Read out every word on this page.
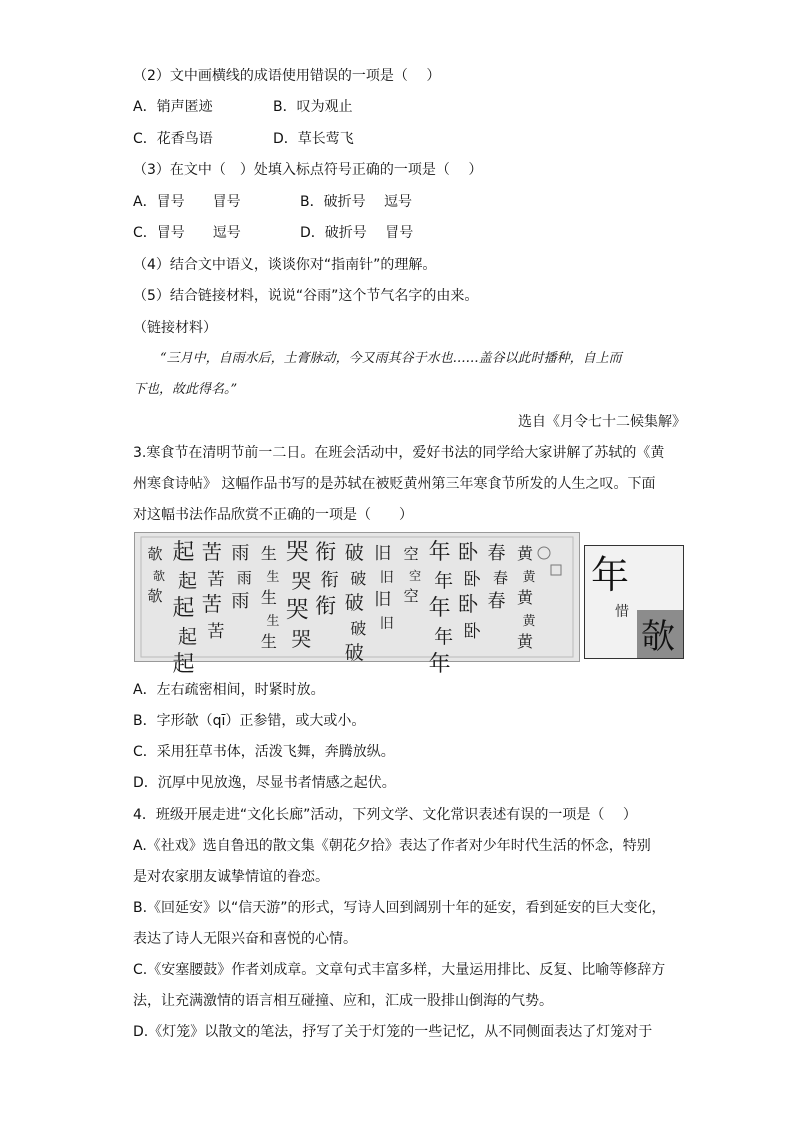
（2）文中画横线的成语使用错误的一项是（　 ）
A．销声匿迹	B．叹为观止
C．花香鸟语	D．草长莺飞
（3）在文中（　）处填入标点符号正确的一项是（　 ）
A．冒号　　冒号	B．破折号　 逗号
C．冒号　　逗号	D．破折号　 冒号
（4）结合文中语义，谈谈你对“指南针”的理解。
（5）结合链接材料，说说“谷雨”这个节气名字的由来。
（链接材料）
“三月中，自雨水后，土膏脉动，今又雨其谷于水也……盖谷以此时播种，自上而
下也，故此得名。”
选自《月令七十二候集解》
3.寒食节在清明节前一二日。在班会活动中，爱好书法的同学给大家讲解了苏轼的《黄
州寒食诗帖》 这幅作品书写的是苏轼在被贬黄州第三年寒食节所发的人生之叹。下面
对这幅书法作品欣赏不正确的一项是（　　）
欹
欹
欹
起
起
起
起
起
苦
苦
苦
苦
雨
雨
雨
生
生
生
生
生
哭
哭
哭
哭
衔
衔
衔
破
破
破
破
破
旧
旧
旧
旧
空
空
空
年
年
年
年
年
卧
卧
卧
卧
春
春
春
黄
黄
黄
黄
黄
年
欹
惜
A．左右疏密相间，时紧时放。
B．字形欹（qī）正参错，或大或小。
C．采用狂草书体，活泼飞舞，奔腾放纵。
D．沉厚中见放逸，尽显书者情感之起伏。
4．班级开展走进“文化长廊”活动，下列文学、文化常识表述有误的一项是（　 ）
A.《社戏》选自鲁迅的散文集《朝花夕拾》表达了作者对少年时代生活的怀念，特别
是对农家朋友诚挚情谊的眷恋。
B.《回延安》以“信天游”的形式，写诗人回到阔别十年的延安，看到延安的巨大变化，
表达了诗人无限兴奋和喜悦的心情。
C.《安塞腰鼓》作者刘成章。文章句式丰富多样，大量运用排比、反复、比喻等修辞方
法，让充满激情的语言相互碰撞、应和，汇成一股排山倒海的气势。
D.《灯笼》以散文的笔法，抒写了关于灯笼的一些记忆，从不同侧面表达了灯笼对于
